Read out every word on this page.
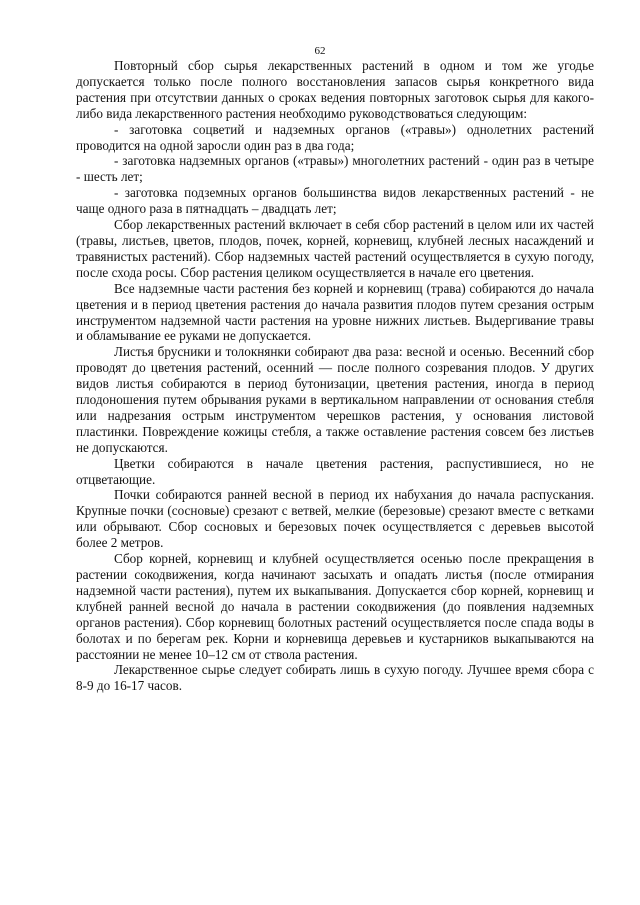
62

Повторный сбор сырья лекарственных растений в одном и том же угодье допускается только после полного восстановления запасов сырья конкретного вида растения при отсутствии данных о сроках ведения повторных заготовок сырья для какого-либо вида лекарственного растения необходимо руководствоваться следующим:

- заготовка соцветий и надземных органов («травы») однолетних растений проводится на одной заросли один раз в два года;

- заготовка надземных органов («травы») многолетних растений - один раз в четыре - шесть лет;

- заготовка подземных органов большинства видов лекарственных растений - не чаще одного раза в пятнадцать – двадцать лет;

Сбор лекарственных растений включает в себя сбор растений в целом или их частей (травы, листьев, цветов, плодов, почек, корней, корневищ, клубней лесных насаждений и травянистых растений). Сбор надземных частей растений осуществляется в сухую погоду, после схода росы. Сбор растения целиком осуществляется в начале его цветения.

Все надземные части растения без корней и корневищ (трава) собираются до начала цветения и в период цветения растения до начала развития плодов путем срезания острым инструментом надземной части растения на уровне нижних листьев. Выдергивание травы и обламывание ее руками не допускается.

Листья брусники и толокнянки собирают два раза: весной и осенью. Весенний сбор проводят до цветения растений, осенний — после полного созревания плодов. У других видов листья собираются в период бутонизации, цветения растения, иногда в период плодоношения путем обрывания руками в вертикальном направлении от основания стебля или надрезания острым инструментом черешков растения, у основания листовой пластинки. Повреждение кожицы стебля, а также оставление растения совсем без листьев не допускаются.

Цветки собираются в начале цветения растения, распустившиеся, но не отцветающие.

Почки собираются ранней весной в период их набухания до начала распускания. Крупные почки (сосновые) срезают с ветвей, мелкие (березовые) срезают вместе с ветками или обрывают. Сбор сосновых и березовых почек осуществляется с деревьев высотой более 2 метров.

Сбор корней, корневищ и клубней осуществляется осенью после прекращения в растении сокодвижения, когда начинают засыхать и опадать листья (после отмирания надземной части растения), путем их выкапывания. Допускается сбор корней, корневищ и клубней ранней весной до начала в растении сокодвижения (до появления надземных органов растения). Сбор корневищ болотных растений осуществляется после спада воды в болотах и по берегам рек. Корни и корневища деревьев и кустарников выкапываются на расстоянии не менее 10–12 см от ствола растения.

Лекарственное сырье следует собирать лишь в сухую погоду. Лучшее время сбора с 8-9 до 16-17 часов.
